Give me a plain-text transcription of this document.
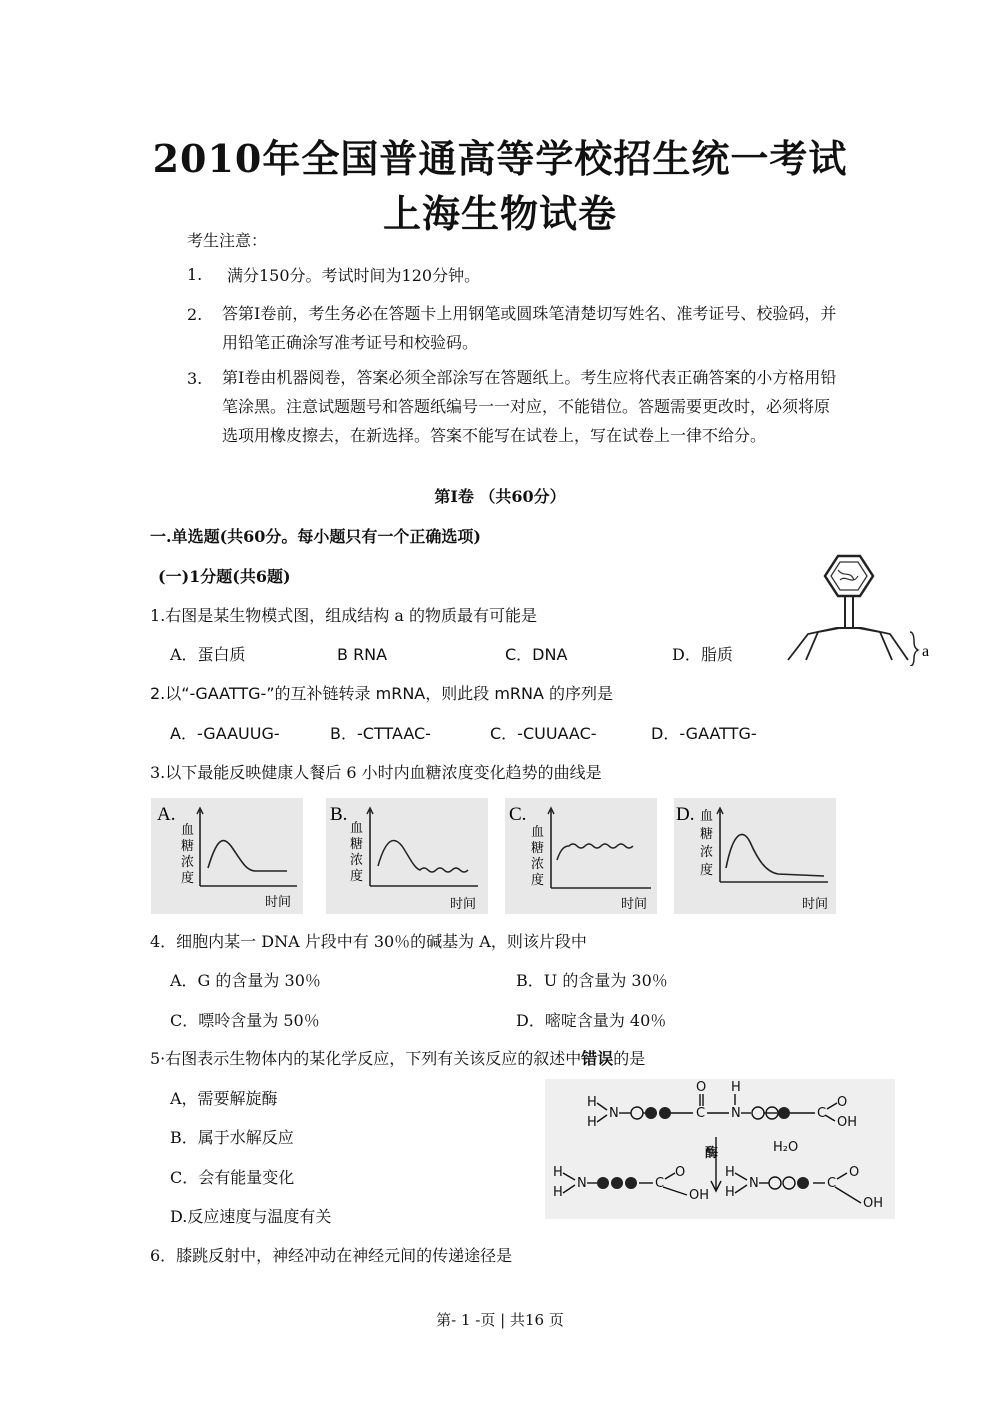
2010年全国普通高等学校招生统一考试
上海生物试卷
考生注意：
1. 满分150分。考试时间为120分钟。
2. 答第Ⅰ卷前，考生务必在答题卡上用钢笔或圆珠笔清楚切写姓名、准考证号、校验码，并用铅笔正确涂写准考证号和校验码。
3. 第Ⅰ卷由机器阅卷，答案必须全部涂写在答题纸上。考生应将代表正确答案的小方格用铅笔涂黑。注意试题题号和答题纸编号一一对应，不能错位。答题需要更改时，必须将原选项用橡皮擦去，在新选择。答案不能写在试卷上，写在试卷上一律不给分。
第Ⅰ卷 （共60分）
一.单选题(共60分。每小题只有一个正确选项)
(一)1分题(共6题)
1.右图是某生物模式图，组成结构 a 的物质最有可能是
A．蛋白质	B RNA	C．DNA	D．脂质	a
2.以“-GAATTG-”的互补链转录 mRNA，则此段 mRNA 的序列是
A．-GAAUUG-	B．-CTTAAC-	C．-CUUAAC-	D．-GAATTG-
3.以下最能反映健康人餐后 6 小时内血糖浓度变化趋势的曲线是
A.
血
糖
浓
度
时间
B.
血
糖
浓
度
时间
C.
血
糖
浓
度
时间
D. 血
糖
浓
度
时间
4．细胞内某一 DNA 片段中有 30％的碱基为 A，则该片段中
A．G 的含量为 30％	B．U 的含量为 30％
C．嘌呤含量为 50％	D．嘧啶含量为 40％
5·右图表示生物体内的某化学反应，下列有关该反应的叙述中错误的是
A，需要解旋酶
B．属于水解反应
C．会有能量变化
D.反应速度与温度有关
H
H
N	C
O H
N	C
O
OH
酶	H₂O
H
H
N	C
O
OH
H
H
N	C
O
OH
6．膝跳反射中，神经冲动在神经元间的传递途径是
第- 1 -页 | 共16 页
